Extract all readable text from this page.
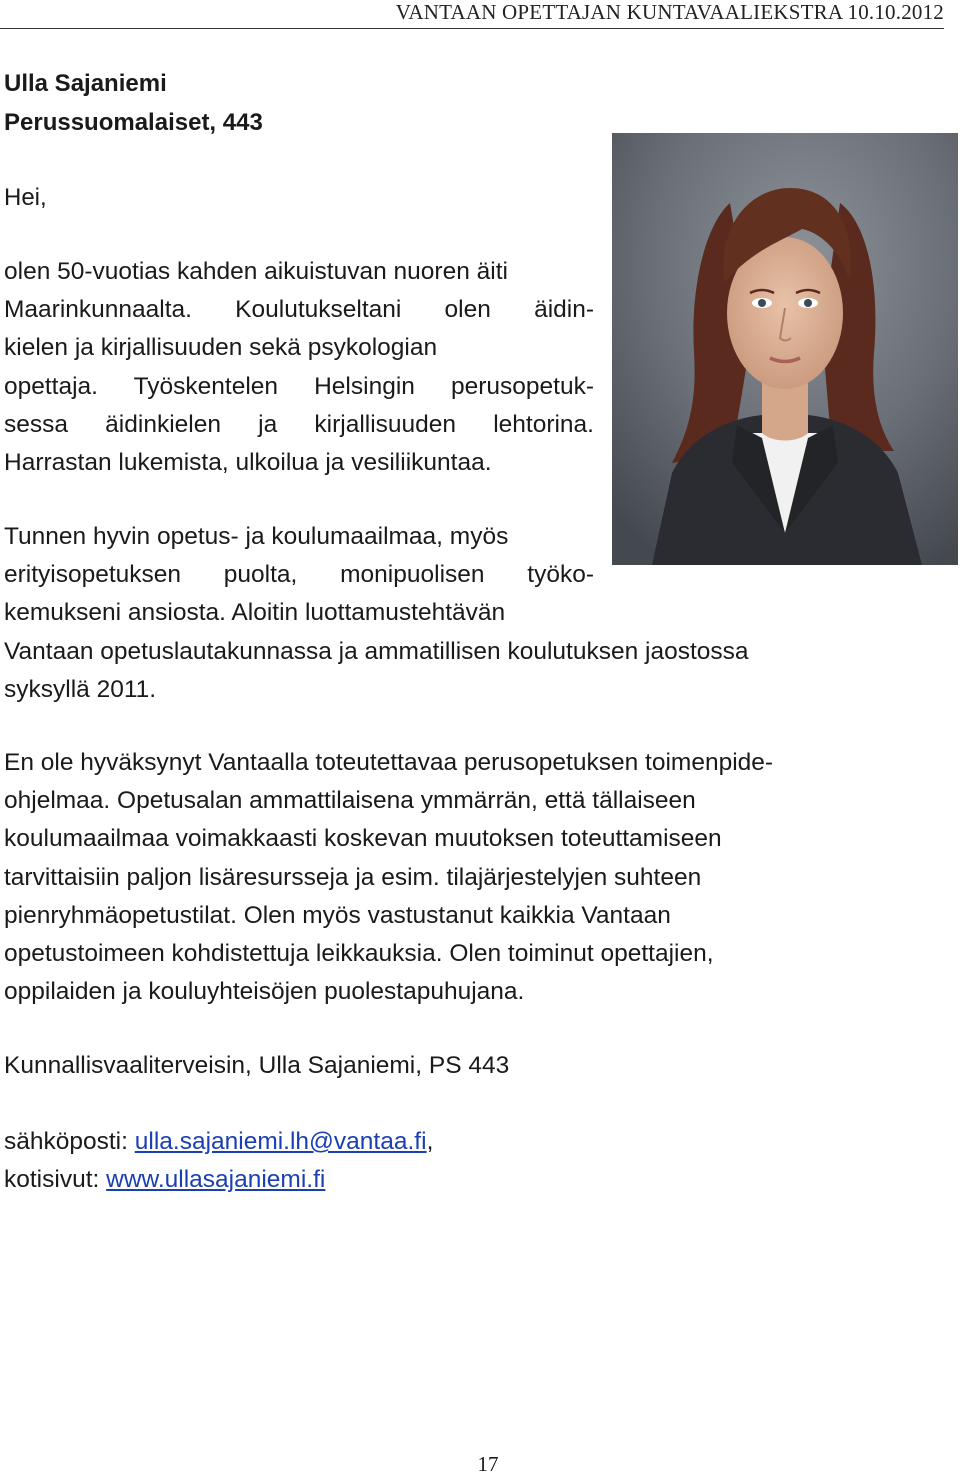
VANTAAN OPETTAJAN KUNTAVAALIEKSTRA 10.10.2012
Ulla Sajaniemi
Perussuomalaiset, 443
Hei,
olen 50-vuotias kahden aikuistuvan nuoren äiti
Maarinkunnaalta. Koulutukseltani olen äidin-
kielen ja kirjallisuuden sekä psykologian
opettaja. Työskentelen Helsingin perusopetuk-
sessa äidinkielen ja kirjallisuuden lehtorina.
Harrastan lukemista, ulkoilua ja vesiliikuntaa.
Tunnen hyvin opetus- ja koulumaailmaa, myös
erityisopetuksen puolta, monipuolisen työko-
kemukseni ansiosta. Aloitin luottamustehtävän
Vantaan opetuslautakunnassa ja ammatillisen koulutuksen jaostossa
syksyllä 2011.
En ole hyväksynyt Vantaalla toteutettavaa perusopetuksen toimenpide-
ohjelmaa. Opetusalan ammattilaisena ymmärrän, että tällaiseen
koulumaailmaa voimakkaasti koskevan muutoksen toteuttamiseen
tarvittaisiin paljon lisäresursseja ja esim. tilajärjestelyjen suhteen
pienryhmäopetustilat. Olen myös vastustanut kaikkia Vantaan
opetustoimeen kohdistettuja leikkauksia. Olen toiminut opettajien,
oppilaiden ja kouluyhteisöjen puolestapuhujana.
Kunnallisvaaliterveisin, Ulla Sajaniemi, PS 443
sähköposti: ulla.sajaniemi.lh@vantaa.fi,
kotisivut: www.ullasajaniemi.fi
17
